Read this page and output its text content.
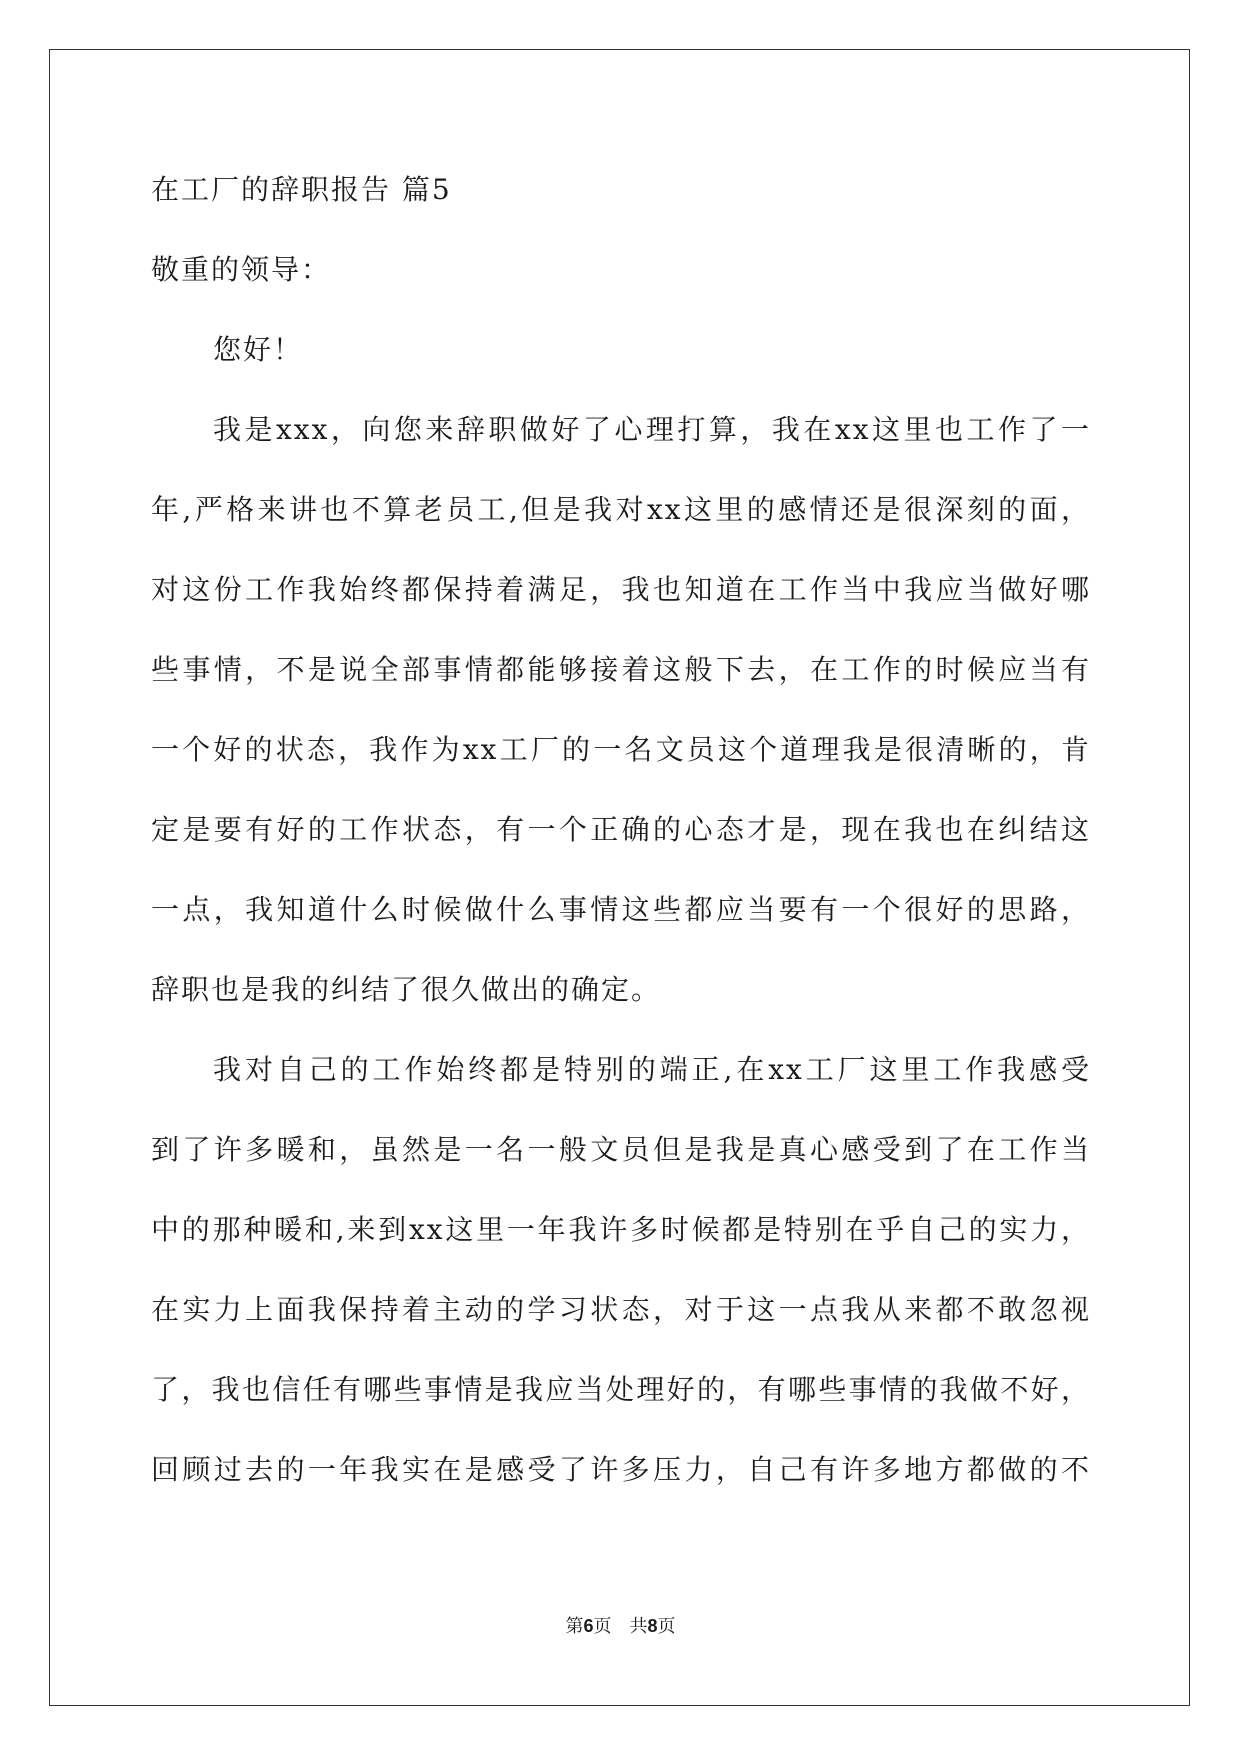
在工厂的辞职报告 篇5
敬重的领导：
您好！
我是xxx，向您来辞职做好了心理打算，我在xx这里也工作了一
年,严格来讲也不算老员工,但是我对xx这里的感情还是很深刻的面，
对这份工作我始终都保持着满足，我也知道在工作当中我应当做好哪
些事情，不是说全部事情都能够接着这般下去，在工作的时候应当有
一个好的状态，我作为xx工厂的一名文员这个道理我是很清晰的，肯
定是要有好的工作状态，有一个正确的心态才是，现在我也在纠结这
一点，我知道什么时候做什么事情这些都应当要有一个很好的思路，
辞职也是我的纠结了很久做出的确定。
我对自己的工作始终都是特别的端正,在xx工厂这里工作我感受
到了许多暖和，虽然是一名一般文员但是我是真心感受到了在工作当
中的那种暖和,来到xx这里一年我许多时候都是特别在乎自己的实力，
在实力上面我保持着主动的学习状态，对于这一点我从来都不敢忽视
了，我也信任有哪些事情是我应当处理好的，有哪些事情的我做不好，
回顾过去的一年我实在是感受了许多压力，自己有许多地方都做的不
第6页　共8页
